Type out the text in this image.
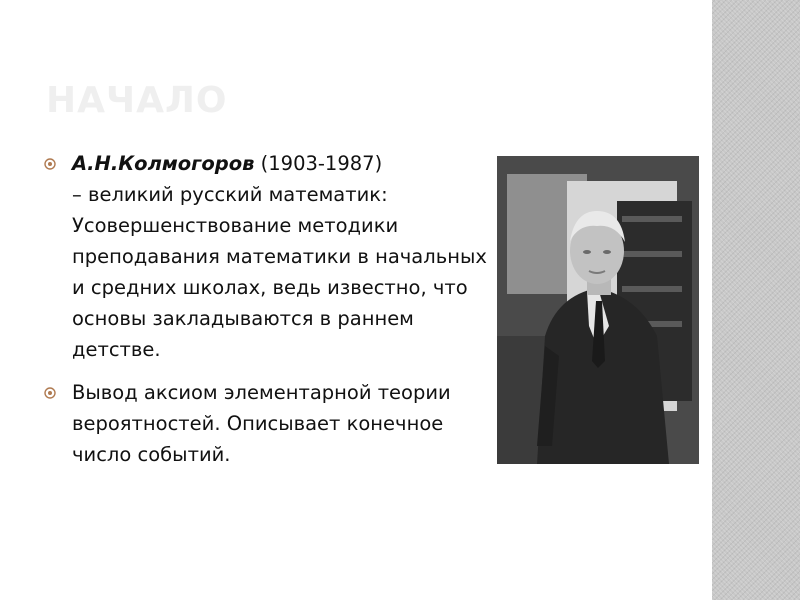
НАЧАЛО
А.Н.Колмогоров (1903-1987)
– великий русский математик: Усовершенствование методики преподавания математики в начальных и средних школах, ведь известно, что основы закладываются в раннем детстве.
Вывод аксиом элементарной теории вероятностей. Описывает конечное число событий.
